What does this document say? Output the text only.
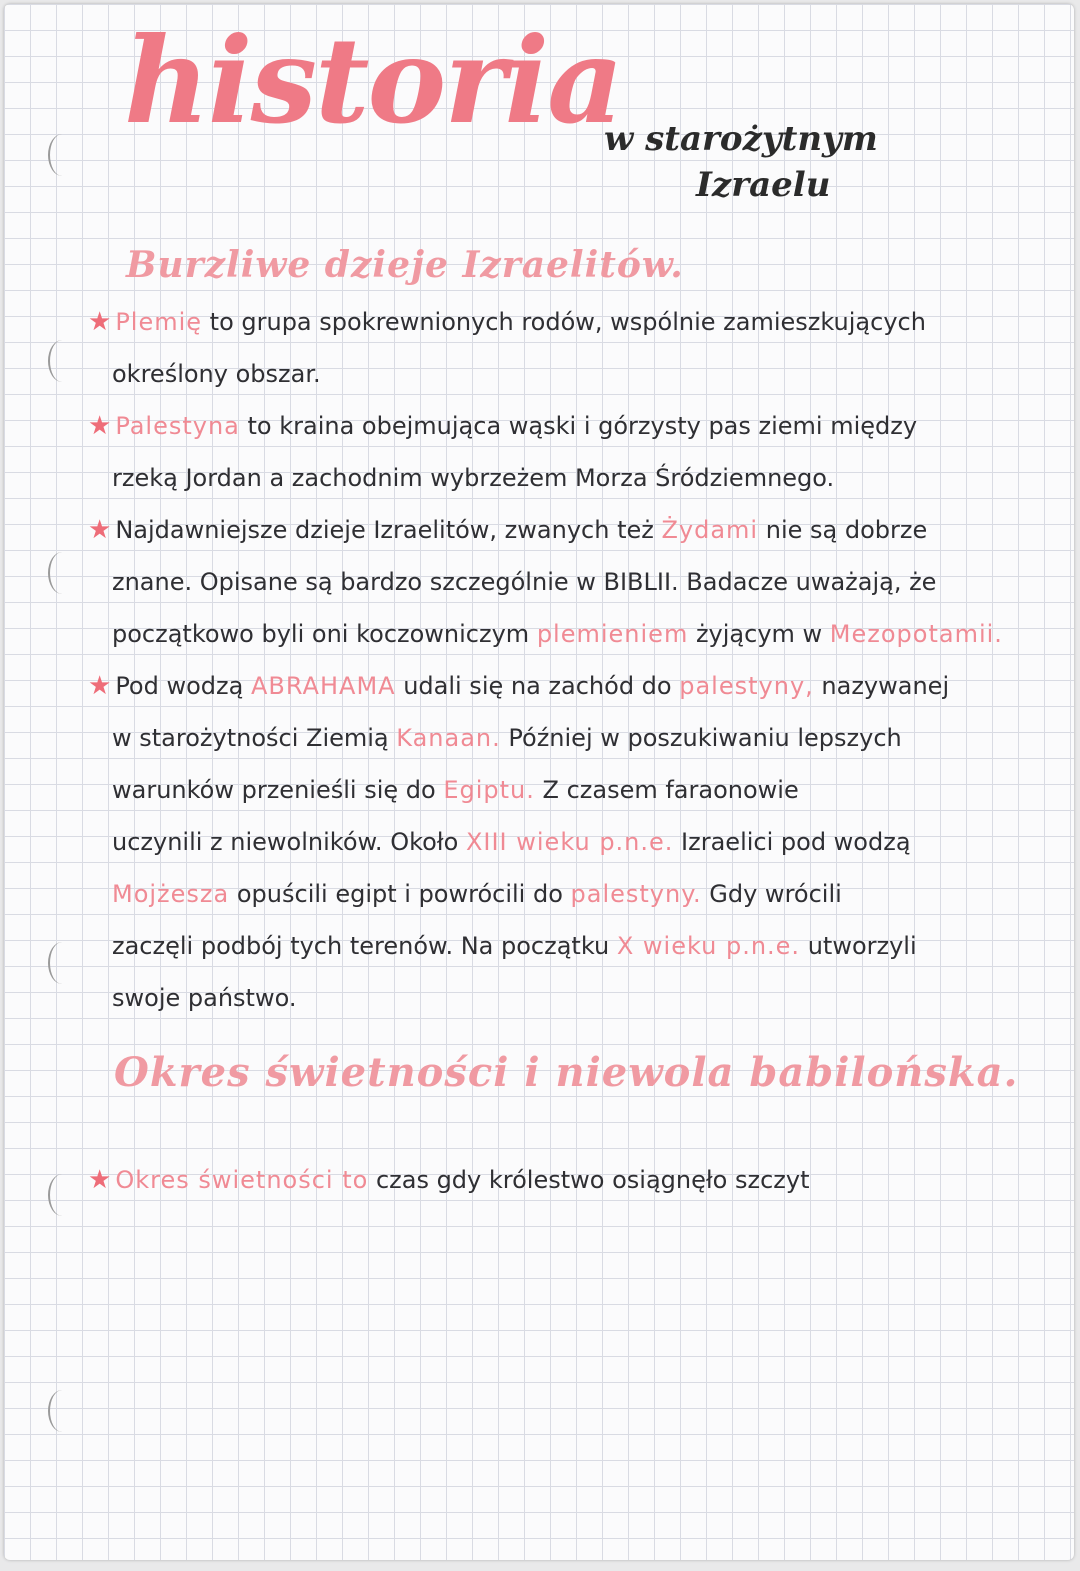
historia
w starożytnym
Izraelu
Burzliwe dzieje Izraelitów.
★ Plemię to grupa spokrewnionych rodów, wspólnie zamieszkujących
określony obszar.
★ Palestyna to kraina obejmująca wąski i górzysty pas ziemi między
rzeką Jordan a zachodnim wybrzeżem Morza Śródziemnego.
★ Najdawniejsze dzieje Izraelitów, zwanych też Żydami nie są dobrze
znane. Opisane są bardzo szczególnie w BIBLII. Badacze uważają, że
początkowo byli oni koczowniczym plemieniem żyjącym w Mezopotamii.
★ Pod wodzą ABRAHAMA udali się na zachód do palestyny, nazywanej
w starożytności Ziemią Kanaan. Później w poszukiwaniu lepszych
warunków przenieśli się do Egiptu. Z czasem faraonowie
uczynili z niewolników. Około XIII wieku p.n.e. Izraelici pod wodzą
Mojżesza opuścili egipt i powrócili do palestyny. Gdy wrócili
zaczęli podbój tych terenów. Na początku X wieku p.n.e. utworzyli
swoje państwo.
Okres świetności i niewola babilońska.
★ Okres świetności to czas gdy królestwo osiągnęło szczyt
